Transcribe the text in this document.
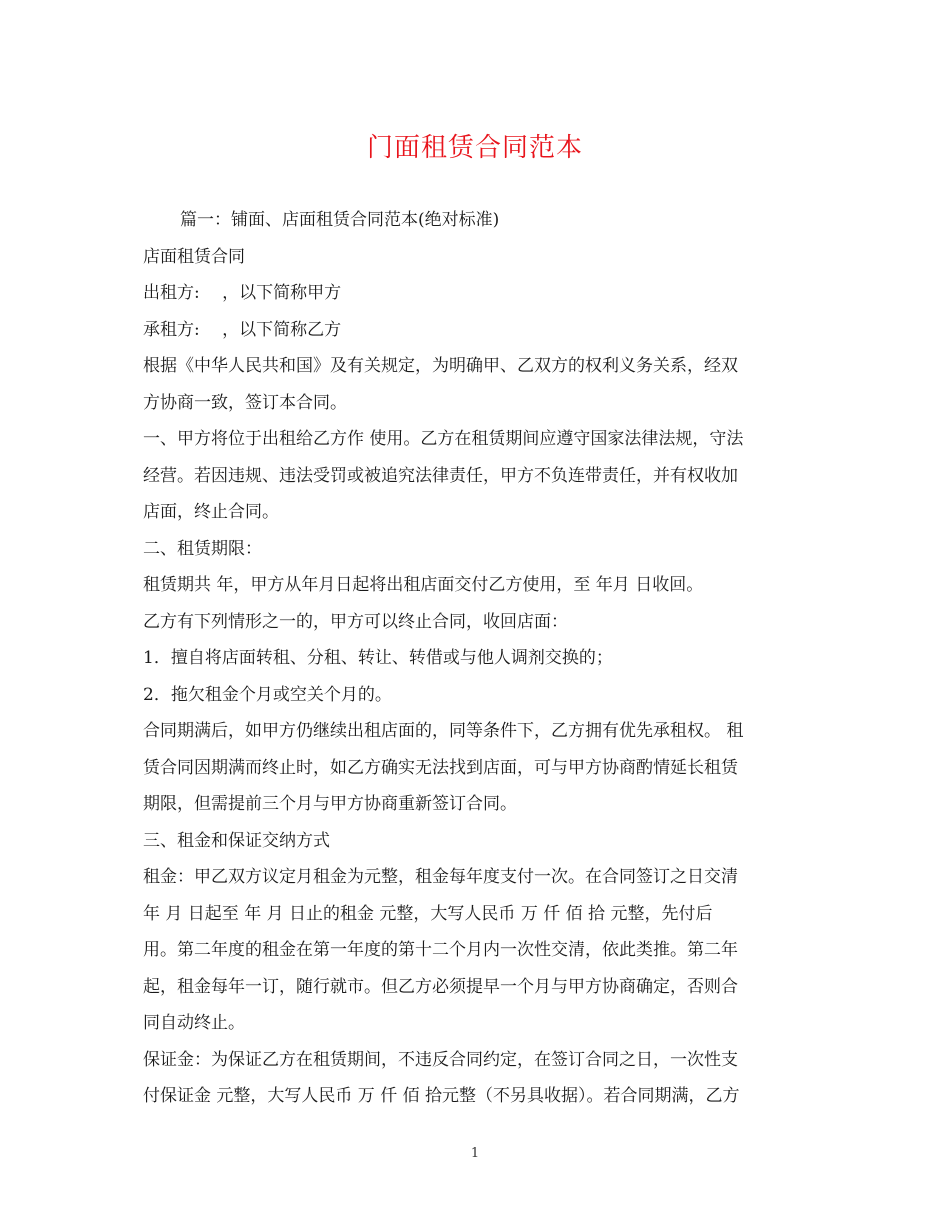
门面租赁合同范本
篇一：铺面、店面租赁合同范本(绝对标准)
店面租赁合同
出租方:　 ，以下简称甲方
承租方:　 ，以下简称乙方
根据《中华人民共和国》及有关规定，为明确甲、乙双方的权利义务关系，经双
方协商一致，签订本合同。
一、甲方将位于出租给乙方作 使用。乙方在租赁期间应遵守国家法律法规，守法
经营。若因违规、违法受罚或被追究法律责任，甲方不负连带责任，并有权收加
店面，终止合同。
二、租赁期限：
租赁期共 年，甲方从年月日起将出租店面交付乙方使用，至 年月 日收回。
乙方有下列情形之一的，甲方可以终止合同，收回店面：
1．擅自将店面转租、分租、转让、转借或与他人调剂交换的；
2．拖欠租金个月或空关个月的。
合同期满后，如甲方仍继续出租店面的，同等条件下，乙方拥有优先承租权。 租
赁合同因期满而终止时，如乙方确实无法找到店面，可与甲方协商酌情延长租赁
期限，但需提前三个月与甲方协商重新签订合同。
三、租金和保证交纳方式
租金：甲乙双方议定月租金为元整，租金每年度支付一次。在合同签订之日交清
年 月 日起至 年 月 日止的租金 元整，大写人民币 万 仟 佰 拾 元整，先付后
用。第二年度的租金在第一年度的第十二个月内一次性交清，依此类推。第二年
起，租金每年一订，随行就市。但乙方必须提早一个月与甲方协商确定，否则合
同自动终止。
保证金：为保证乙方在租赁期间，不违反合同约定，在签订合同之日，一次性支
付保证金 元整，大写人民币 万 仟 佰 拾元整（不另具收据）。若合同期满，乙方
1
